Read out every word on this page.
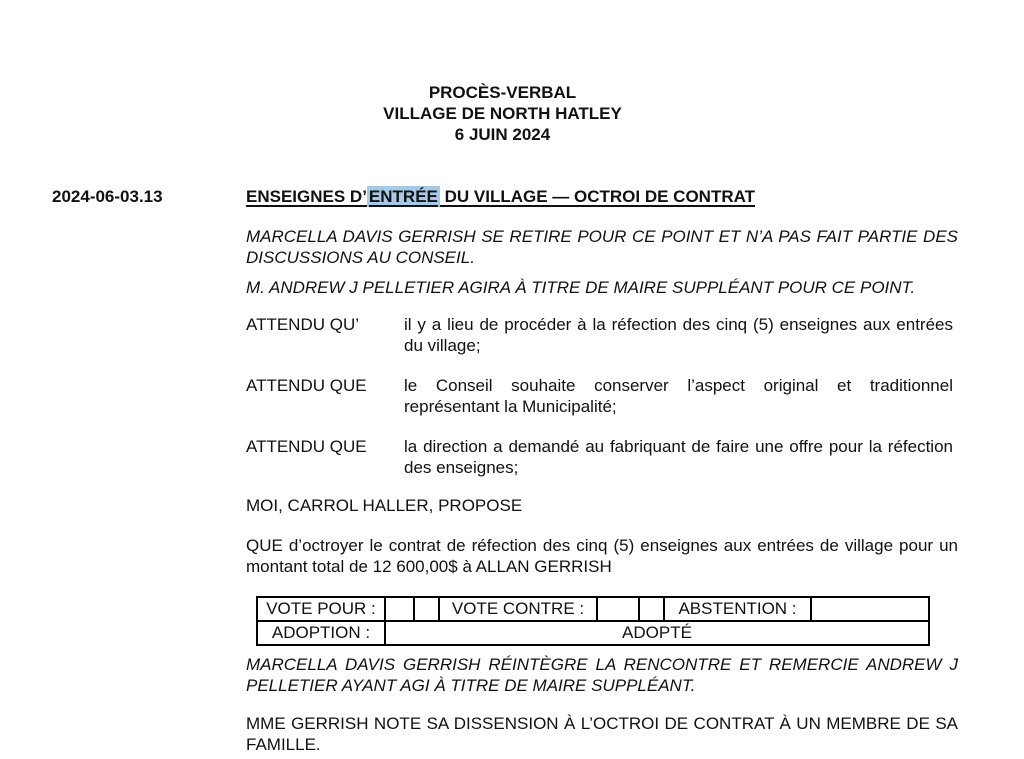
PROCÈS-VERBAL
VILLAGE DE NORTH HATLEY
6 JUIN 2024
2024-06-03.13	ENSEIGNES D’ ENTRÉE DU VILLAGE — OCTROI DE CONTRAT

MARCELLA DAVIS GERRISH SE RETIRE POUR CE POINT ET N’A PAS FAIT PARTIE DES DISCUSSIONS AU CONSEIL.

M. ANDREW J PELLETIER AGIRA À TITRE DE MAIRE SUPPLÉANT POUR CE POINT.

ATTENDU QU’	il y a lieu de procéder à la réfection des cinq (5) enseignes aux entrées du village;
ATTENDU QUE	le Conseil souhaite conserver l’aspect original et traditionnel représentant la Municipalité;
ATTENDU QUE	la direction a demandé au fabriquant de faire une offre pour la réfection des enseignes;

MOI, CARROL HALLER, PROPOSE

QUE d’octroyer le contrat de réfection des cinq (5) enseignes aux entrées de village pour un montant total de 12 600,00$ à ALLAN GERRISH

VOTE POUR :			VOTE CONTRE :			ABSTENTION :	
ADOPTION :	ADOPTÉ						

MARCELLA DAVIS GERRISH RÉINTÈGRE LA RENCONTRE ET REMERCIE ANDREW J PELLETIER AYANT AGI À TITRE DE MAIRE SUPPLÉANT.

MME GERRISH NOTE SA DISSENSION À L’OCTROI DE CONTRAT À UN MEMBRE DE SA FAMILLE.
